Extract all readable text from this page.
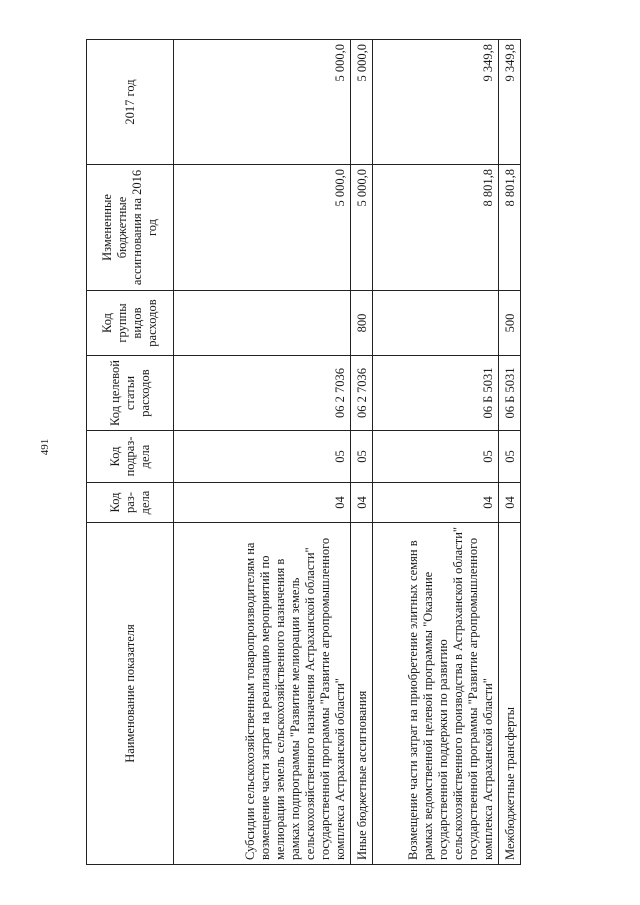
491
Наименование показателя	Код раз-дела	Код подраз-дела	Код целевой статьи расходов	Код группы видов расходов	Измененные бюджетные ассигнования на 2016 год	2017 год
Субсидии сельскохозяйственным товаропроизводителям на возмещение части затрат на реализацию мероприятий по мелиорации земель сельскохозяйственного назначения в рамках подпрограммы "Развитие мелиорации земель сельскохозяйственного назначения Астраханской области" государственной программы "Развитие агропромышленного комплекса Астраханской области"	04	05	06 2 7036		5 000,0	5 000,0
Иные бюджетные ассигнования	04	05	06 2 7036	800	5 000,0	5 000,0
Возмещение части затрат на приобретение элитных семян в рамках ведомственной целевой программы "Оказание государственной поддержки по развитию сельскохозяйственного производства в Астраханской области" государственной программы "Развитие агропромышленного комплекса Астраханской области"	04	05	06 Б 5031		8 801,8	9 349,8
Межбюджетные трансферты	04	05	06 Б 5031	500	8 801,8	9 349,8
